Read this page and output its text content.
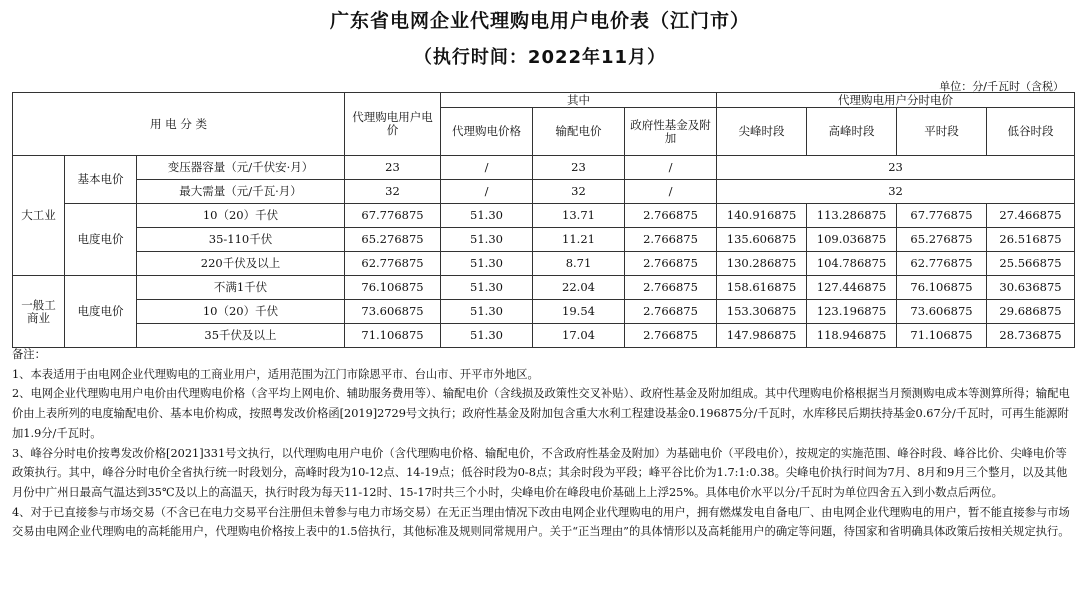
广东省电网企业代理购电用户电价表（江门市）
（执行时间：2022年11月）
单位：分/千瓦时（含税）
用 电 分 类			代理购电用户电价	其中			代理购电用户分时电价			
				代理购电价格	输配电价	政府性基金及附加	尖峰时段	高峰时段	平时段	低谷时段
大工业	基本电价	变压器容量（元/千伏安·月）	23	/	23	/	23			
		最大需量（元/千瓦·月）	32	/	32	/	32			
	电度电价	10（20）千伏	67.776875	51.30	13.71	2.766875	140.916875	113.286875	67.776875	27.466875
		35-110千伏	65.276875	51.30	11.21	2.766875	135.606875	109.036875	65.276875	26.516875
		220千伏及以上	62.776875	51.30	8.71	2.766875	130.286875	104.786875	62.776875	25.566875
一般工
商业	电度电价	不满1千伏	76.106875	51.30	22.04	2.766875	158.616875	127.446875	76.106875	30.636875
		10（20）千伏	73.606875	51.30	19.54	2.766875	153.306875	123.196875	73.606875	29.686875
		35千伏及以上	71.106875	51.30	17.04	2.766875	147.986875	118.946875	71.106875	28.736875

备注：

1、本表适用于由电网企业代理购电的工商业用户，适用范围为江门市除恩平市、台山市、开平市外地区。

2、电网企业代理购电用户电价由代理购电价格（含平均上网电价、辅助服务费用等）、输配电价（含线损及政策性交叉补贴）、政府性基金及附加组成。其中代理购电价格根据当月预测购电成本等测算所得；输配电价由上表所列的电度输配电价、基本电价构成，按照粤发改价格函[2019]2729号文执行；政府性基金及附加包含重大水利工程建设基金0.196875分/千瓦时，水库移民后期扶持基金0.67分/千瓦时，可再生能源附加1.9分/千瓦时。

3、峰谷分时电价按粤发改价格[2021]331号文执行，以代理购电用户电价（含代理购电价格、输配电价，不含政府性基金及附加）为基础电价（平段电价），按规定的实施范围、峰谷时段、峰谷比价、尖峰电价等政策执行。其中，峰谷分时电价全省执行统一时段划分，高峰时段为10-12点、14-19点；低谷时段为0-8点；其余时段为平段；峰平谷比价为1.7:1:0.38。尖峰电价执行时间为7月、8月和9月三个整月，以及其他月份中广州日最高气温达到35℃及以上的高温天，执行时段为每天11-12时、15-17时共三个小时，尖峰电价在峰段电价基础上上浮25%。具体电价水平以分/千瓦时为单位四舍五入到小数点后两位。

4、对于已直接参与市场交易（不含已在电力交易平台注册但未曾参与电力市场交易）在无正当理由情况下改由电网企业代理购电的用户，拥有燃煤发电自备电厂、由电网企业代理购电的用户，暂不能直接参与市场交易由电网企业代理购电的高耗能用户，代理购电价格按上表中的1.5倍执行，其他标准及规则同常规用户。关于“正当理由”的具体情形以及高耗能用户的确定等问题，待国家和省明确具体政策后按相关规定执行。
